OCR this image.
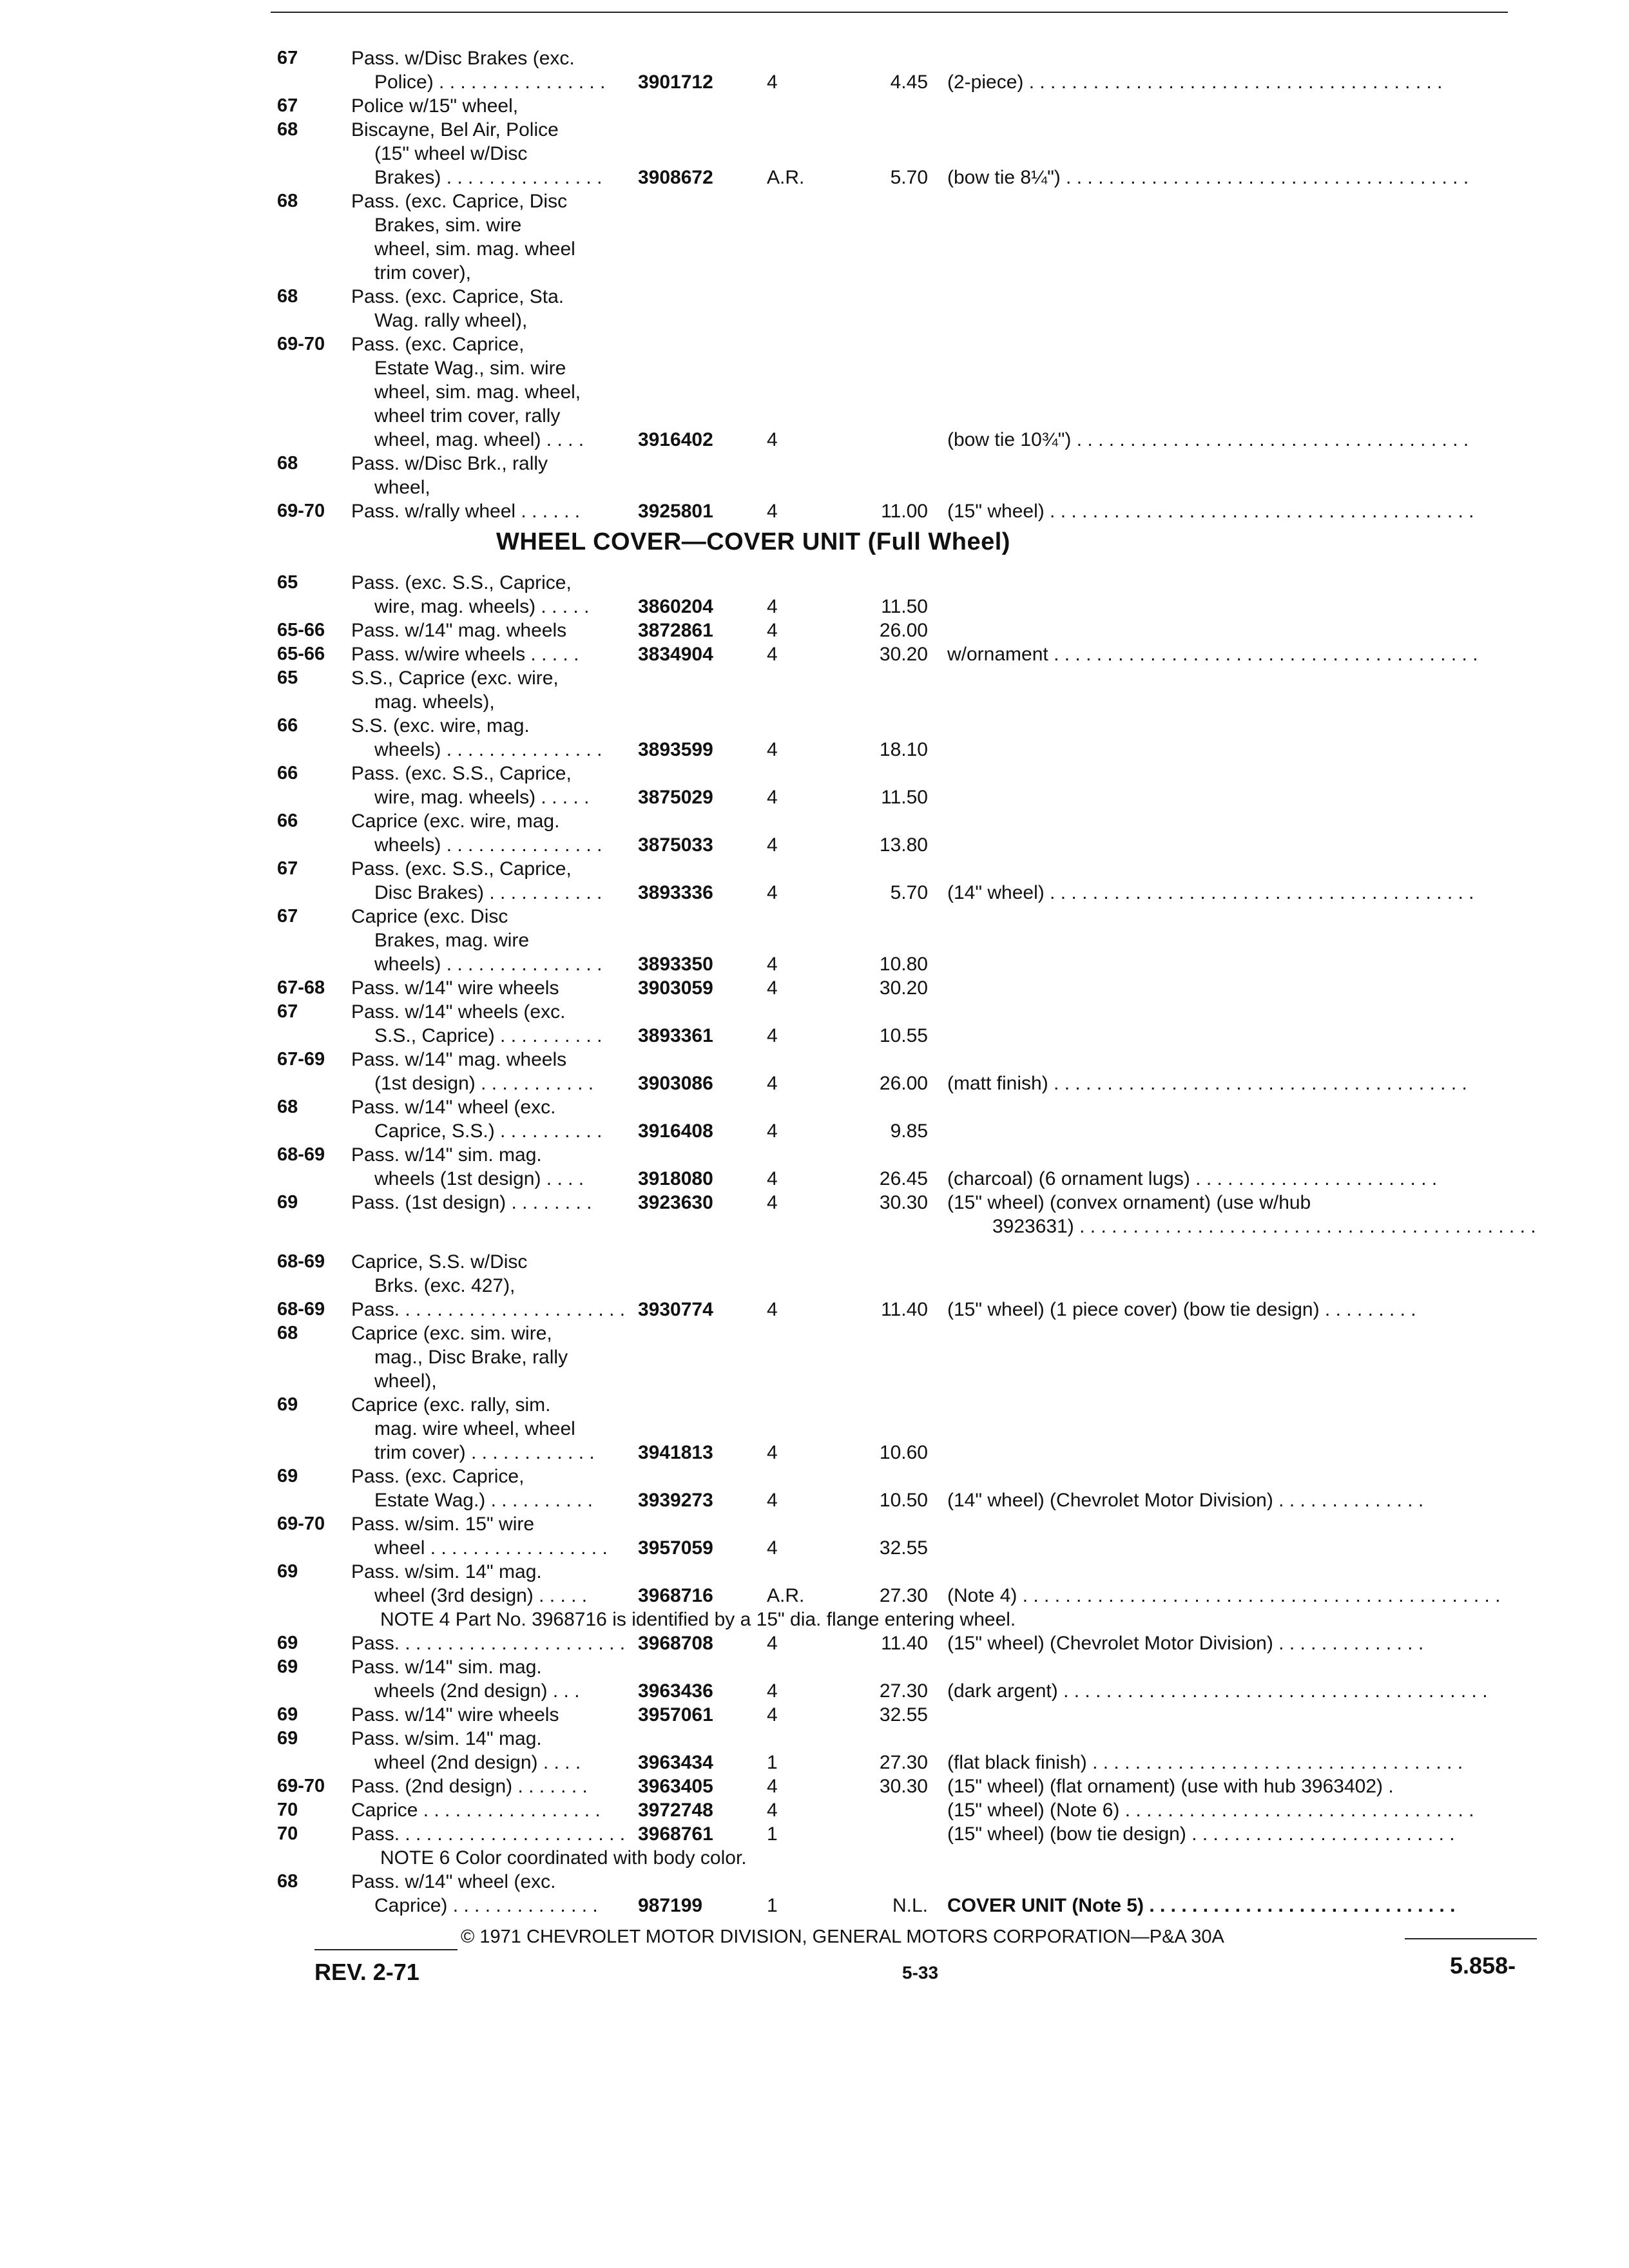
67	Pass. w/Disc Brakes (exc.
Police) . . . . . . . . . . . . . . . . 3901712	4	4.45 (2-piece) . . . . . . . . . . . . . . . . . . . . . . . . . . . . . . . . . . . . . . .
67	Police w/15" wheel,
68	Biscayne, Bel Air, Police
(15" wheel w/Disc
Brakes) . . . . . . . . . . . . . . . 3908672	A.R.	5.70 (bow tie 8¼") . . . . . . . . . . . . . . . . . . . . . . . . . . . . . . . . . . . . . .
68	Pass. (exc. Caprice, Disc
Brakes, sim. wire
wheel, sim. mag. wheel
trim cover),
68	Pass. (exc. Caprice, Sta.
Wag. rally wheel),
69-70	Pass. (exc. Caprice,
Estate Wag., sim. wire
wheel, sim. mag. wheel,
wheel trim cover, rally
wheel, mag. wheel) . . . .	3916402	4	(bow tie 10¾") . . . . . . . . . . . . . . . . . . . . . . . . . . . . . . . . . . . . .
68	Pass. w/Disc Brk., rally
wheel,
69-70	Pass. w/rally wheel . . . . . .	3925801	4	11.00 (15" wheel) . . . . . . . . . . . . . . . . . . . . . . . . . . . . . . . . . . . . . . . .
WHEEL COVER—COVER UNIT (Full Wheel)
65	Pass. (exc. S.S., Caprice,
wire, mag. wheels) . . . . .	3860204	4	11.50
65-66	Pass. w/14" mag. wheels	3872861	4	26.00
65-66	Pass. w/wire wheels . . . . .	3834904	4	30.20 w/ornament . . . . . . . . . . . . . . . . . . . . . . . . . . . . . . . . . . . . . . . .
65	S.S., Caprice (exc. wire,
mag. wheels),
66	S.S. (exc. wire, mag.
wheels) . . . . . . . . . . . . . . . 3893599	4	18.10
66	Pass. (exc. S.S., Caprice,
wire, mag. wheels) . . . . .	3875029	4	11.50
66	Caprice (exc. wire, mag.
wheels) . . . . . . . . . . . . . . . 3875033	4	13.80
67	Pass. (exc. S.S., Caprice,
Disc Brakes) . . . . . . . . . . . 3893336	4	5.70 (14" wheel) . . . . . . . . . . . . . . . . . . . . . . . . . . . . . . . . . . . . . . . .
67	Caprice (exc. Disc
Brakes, mag. wire
wheels) . . . . . . . . . . . . . . . 3893350	4	10.80
67-68	Pass. w/14" wire wheels	3903059	4	30.20
67	Pass. w/14" wheels (exc.
S.S., Caprice) . . . . . . . . . . 3893361	4	10.55
67-69	Pass. w/14" mag. wheels
(1st design) . . . . . . . . . . . 3903086	4	26.00 (matt finish) . . . . . . . . . . . . . . . . . . . . . . . . . . . . . . . . . . . . . . .
68	Pass. w/14" wheel (exc.
Caprice, S.S.) . . . . . . . . . . 3916408	4	9.85
68-69	Pass. w/14" sim. mag.
wheels (1st design) . . . .	3918080	4	26.45 (charcoal) (6 ornament lugs) . . . . . . . . . . . . . . . . . . . . . . .
69	Pass. (1st design) . . . . . . . . 3923630	4	30.30 (15" wheel) (convex ornament) (use w/hub
3923631) . . . . . . . . . . . . . . . . . . . . . . . . . . . . . . . . . . . . . . . . . . .
68-69	Caprice, S.S. w/Disc
Brks. (exc. 427),
68-69	Pass. . . . . . . . . . . . . . . . . . . . . . 3930774	4	11.40 (15" wheel) (1 piece cover) (bow tie design) . . . . . . . . .
68	Caprice (exc. sim. wire,
mag., Disc Brake, rally
wheel),
69	Caprice (exc. rally, sim.
mag. wire wheel, wheel
trim cover) . . . . . . . . . . . . 3941813	4	10.60
69	Pass. (exc. Caprice,
Estate Wag.) . . . . . . . . . . 3939273	4	10.50 (14" wheel) (Chevrolet Motor Division) . . . . . . . . . . . . . .
69-70	Pass. w/sim. 15" wire
wheel . . . . . . . . . . . . . . . . . 3957059	4	32.55
69	Pass. w/sim. 14" mag.
wheel (3rd design) . . . . .	3968716	A.R.	27.30 (Note 4) . . . . . . . . . . . . . . . . . . . . . . . . . . . . . . . . . . . . . . . . . . . . .
NOTE 4 Part No. 3968716 is identified by a 15" dia. flange entering wheel.
69	Pass. . . . . . . . . . . . . . . . . . . . . . 3968708	4	11.40 (15" wheel) (Chevrolet Motor Division) . . . . . . . . . . . . . .
69	Pass. w/14" sim. mag.
wheels (2nd design) . . .	3963436	4	27.30 (dark argent) . . . . . . . . . . . . . . . . . . . . . . . . . . . . . . . . . . . . . . . .
69	Pass. w/14" wire wheels	3957061	4	32.55
69	Pass. w/sim. 14" mag.
wheel (2nd design) . . . .	3963434	1	27.30 (flat black finish) . . . . . . . . . . . . . . . . . . . . . . . . . . . . . . . . . . .
69-70	Pass. (2nd design) . . . . . . .	3963405	4	30.30 (15" wheel) (flat ornament) (use with hub 3963402) .
70	Caprice . . . . . . . . . . . . . . . . . 3972748	4	(15" wheel) (Note 6) . . . . . . . . . . . . . . . . . . . . . . . . . . . . . . . . .
70	Pass. . . . . . . . . . . . . . . . . . . . . . 3968761	1	(15" wheel) (bow tie design) . . . . . . . . . . . . . . . . . . . . . . . . .
NOTE 6 Color coordinated with body color.
68	Pass. w/14" wheel (exc.
Caprice) . . . . . . . . . . . . . . 987199	1	N.L. COVER UNIT (Note 5) . . . . . . . . . . . . . . . . . . . . . . . . . . . . .
© 1971 CHEVROLET MOTOR DIVISION, GENERAL MOTORS CORPORATION—P&A 30A
REV. 2-71	5-33	5.858-
